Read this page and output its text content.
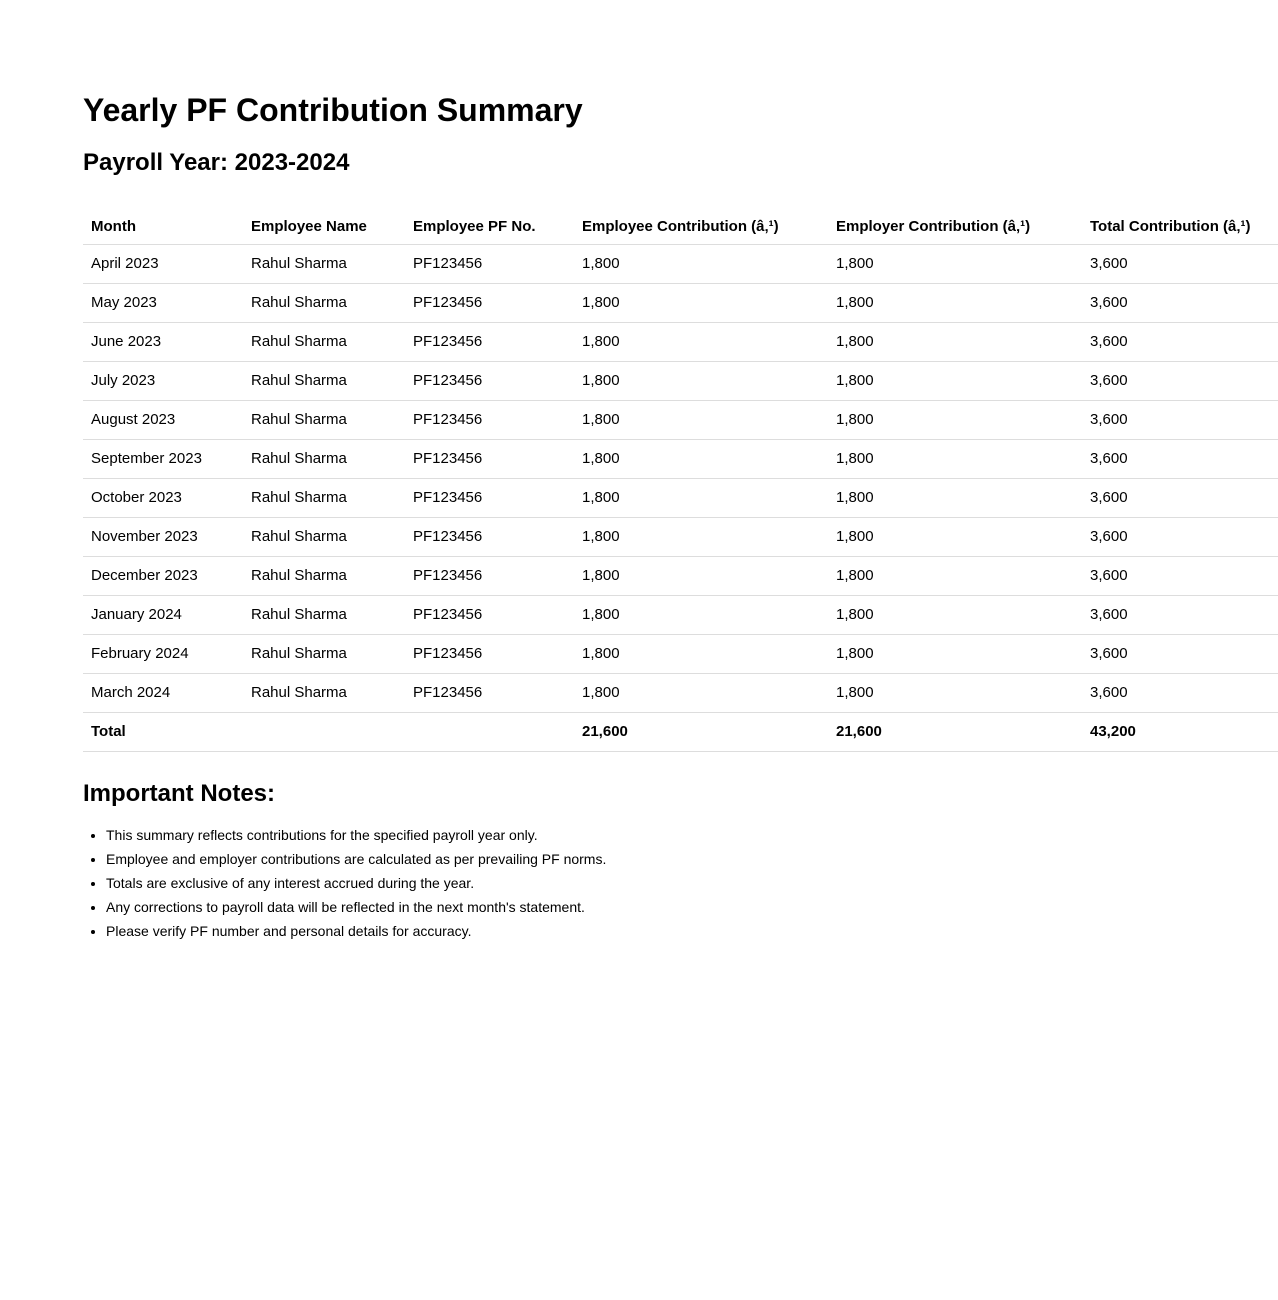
Yearly PF Contribution Summary
Payroll Year: 2023-2024
Month	Employee Name	Employee PF No.	Employee Contribution (â‚¹)	Employer Contribution (â‚¹)	Total Contribution (â‚¹)
April 2023	Rahul Sharma	PF123456	1,800	1,800	3,600
May 2023	Rahul Sharma	PF123456	1,800	1,800	3,600
June 2023	Rahul Sharma	PF123456	1,800	1,800	3,600
July 2023	Rahul Sharma	PF123456	1,800	1,800	3,600
August 2023	Rahul Sharma	PF123456	1,800	1,800	3,600
September 2023	Rahul Sharma	PF123456	1,800	1,800	3,600
October 2023	Rahul Sharma	PF123456	1,800	1,800	3,600
November 2023	Rahul Sharma	PF123456	1,800	1,800	3,600
December 2023	Rahul Sharma	PF123456	1,800	1,800	3,600
January 2024	Rahul Sharma	PF123456	1,800	1,800	3,600
February 2024	Rahul Sharma	PF123456	1,800	1,800	3,600
March 2024	Rahul Sharma	PF123456	1,800	1,800	3,600
Total			21,600	21,600	43,200
Important Notes:
• This summary reflects contributions for the specified payroll year only.
• Employee and employer contributions are calculated as per prevailing PF norms.
• Totals are exclusive of any interest accrued during the year.
• Any corrections to payroll data will be reflected in the next month's statement.
• Please verify PF number and personal details for accuracy.
